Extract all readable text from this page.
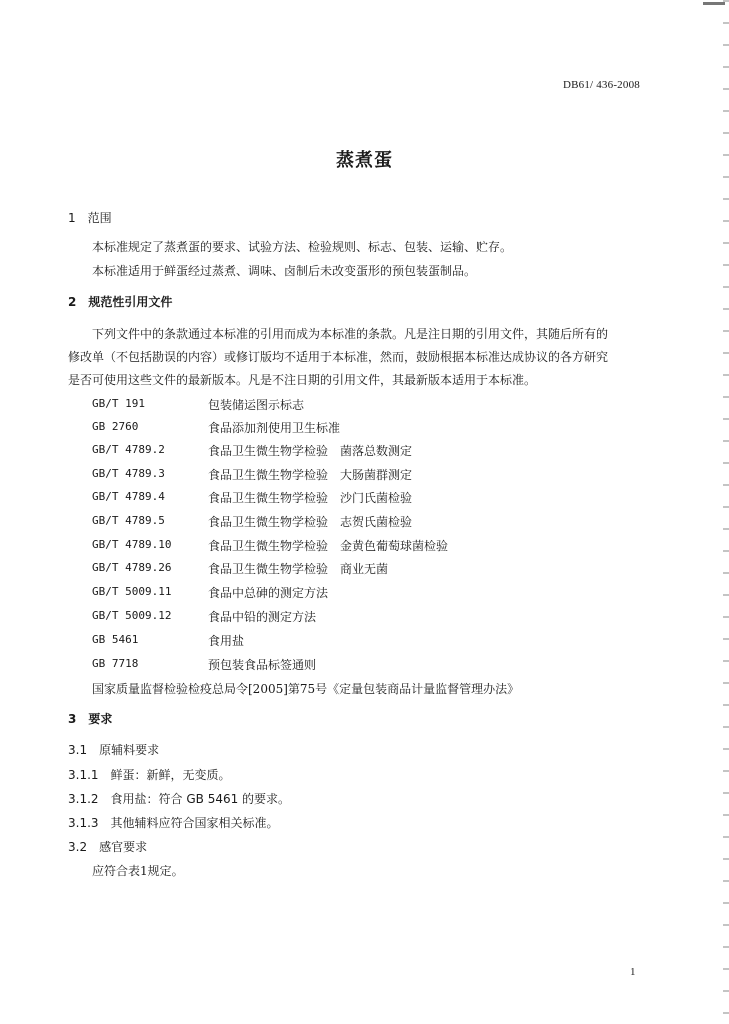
DB61/ 436-2008
蒸煮蛋
1　范围
本标准规定了蒸煮蛋的要求、试验方法、检验规则、标志、包装、运输、贮存。
本标准适用于鲜蛋经过蒸煮、调味、卤制后未改变蛋形的预包装蛋制品。
2　规范性引用文件
下列文件中的条款通过本标准的引用而成为本标准的条款。凡是注日期的引用文件，其随后所有的
修改单（不包括勘误的内容）或修订版均不适用于本标准，然而，鼓励根据本标准达成协议的各方研究
是否可使用这些文件的最新版本。凡是不注日期的引用文件，其最新版本适用于本标准。
GB/T 191	包装储运图示标志
GB 2760	食品添加剂使用卫生标准
GB/T 4789.2	食品卫生微生物学检验　菌落总数测定
GB/T 4789.3	食品卫生微生物学检验　大肠菌群测定
GB/T 4789.4	食品卫生微生物学检验　沙门氏菌检验
GB/T 4789.5	食品卫生微生物学检验　志贺氏菌检验
GB/T 4789.10	食品卫生微生物学检验　金黄色葡萄球菌检验
GB/T 4789.26	食品卫生微生物学检验　商业无菌
GB/T 5009.11	食品中总砷的测定方法
GB/T 5009.12	食品中铅的测定方法
GB 5461	食用盐
GB 7718	预包装食品标签通则
国家质量监督检验检疫总局令[2005]第75号《定量包装商品计量监督管理办法》
3　要求
3.1　原辅料要求
3.1.1　鲜蛋：新鲜，无变质。
3.1.2　食用盐：符合 GB 5461 的要求。
3.1.3　其他辅料应符合国家相关标准。
3.2　感官要求
应符合表1规定。
1
